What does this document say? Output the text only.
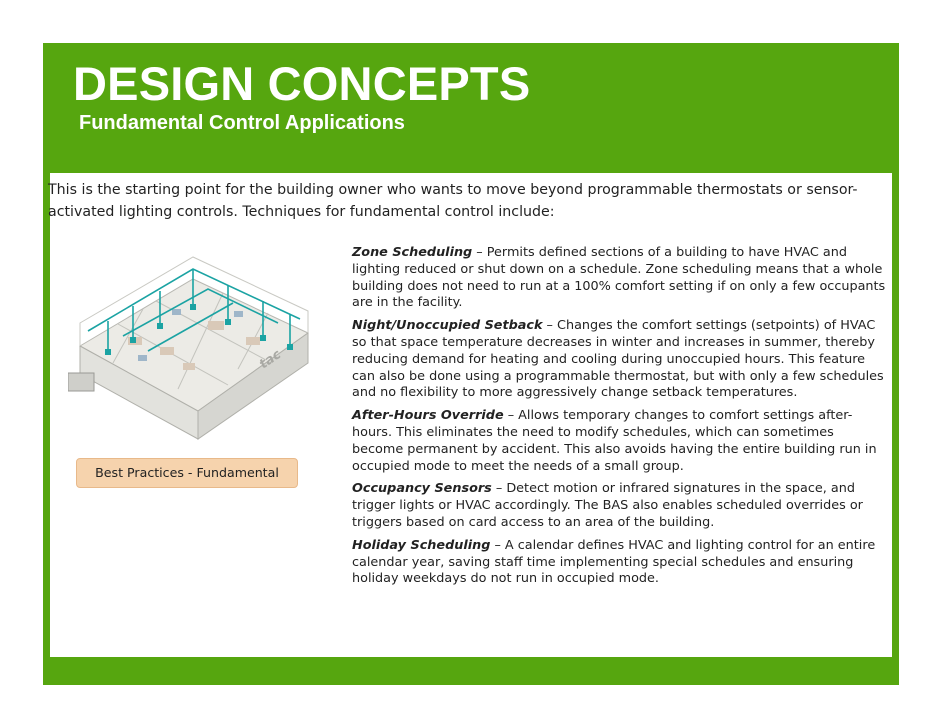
DESIGN CONCEPTS
Fundamental Control Applications

This is the starting point for the building owner who wants to move beyond programmable thermostats or sensor-activated lighting controls. Techniques for fundamental control include:

tac
Best Practices - Fundamental

Zone Scheduling – Permits defined sections of a building to have HVAC and lighting reduced or shut down on a schedule. Zone scheduling means that a whole building does not need to run at a 100% comfort setting if on only a few occupants are in the facility.

Night/Unoccupied Setback – Changes the comfort settings (setpoints) of HVAC so that space temperature decreases in winter and increases in summer, thereby reducing demand for heating and cooling during unoccupied hours. This feature can also be done using a programmable thermostat, but with only a few schedules and no flexibility to more aggressively change setback temperatures.

After-Hours Override – Allows temporary changes to comfort settings after-hours. This eliminates the need to modify schedules, which can sometimes become permanent by accident. This also avoids having the entire building run in occupied mode to meet the needs of a small group.

Occupancy Sensors – Detect motion or infrared signatures in the space, and trigger lights or HVAC accordingly. The BAS also enables scheduled overrides or triggers based on card access to an area of the building.

Holiday Scheduling – A calendar defines HVAC and lighting control for an entire calendar year, saving staff time implementing special schedules and ensuring holiday weekdays do not run in occupied mode.
